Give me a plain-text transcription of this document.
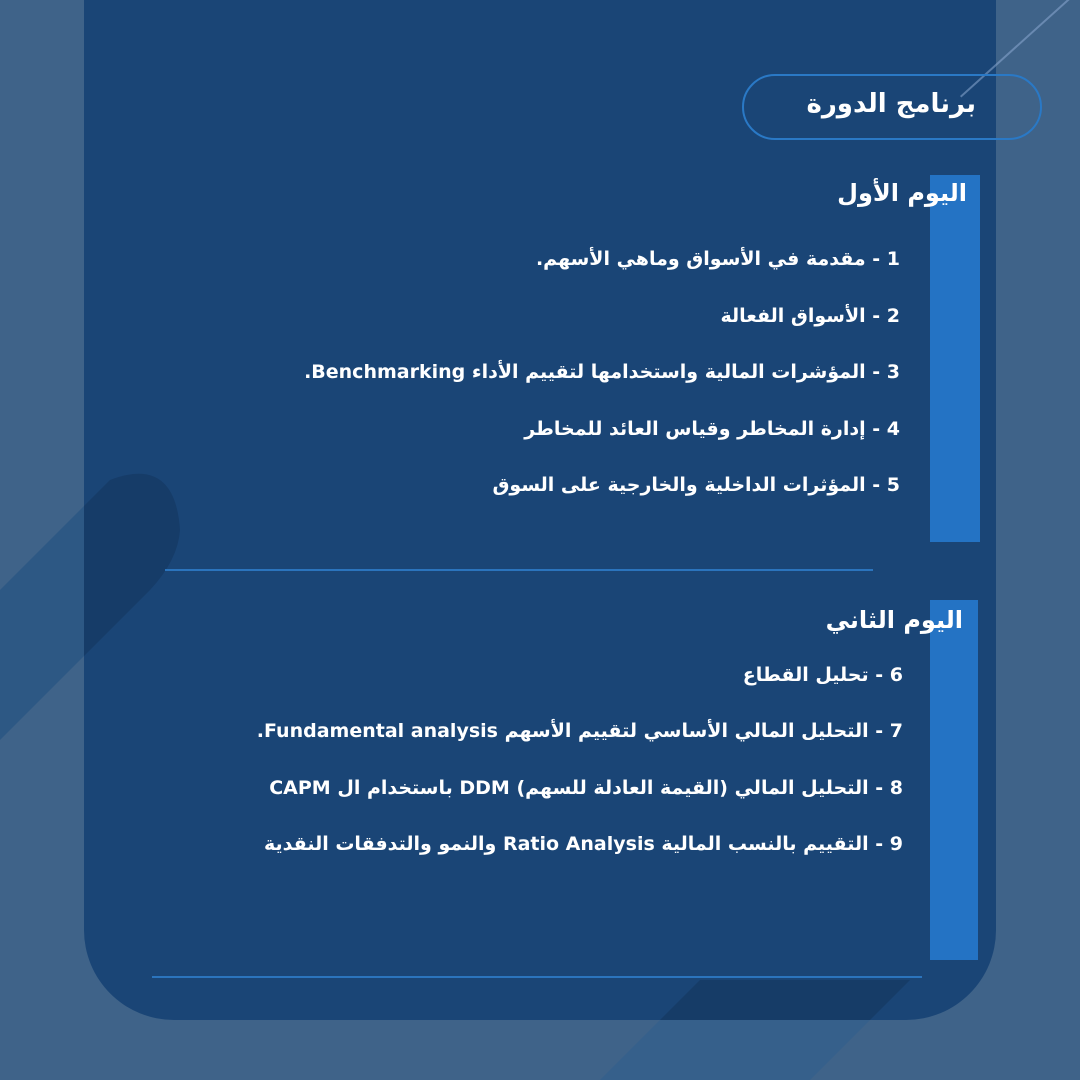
برنامج الدورة
اليوم الأول
1 - مقدمة في الأسواق وماهي الأسهم.
2 - الأسواق الفعالة
3 - المؤشرات المالية واستخدامها لتقييم الأداء Benchmarking.
4 - إدارة المخاطر وقياس العائد للمخاطر
5 - المؤثرات الداخلية والخارجية على السوق
اليوم الثاني
6 - تحليل القطاع
7 - التحليل المالي الأساسي لتقييم الأسهم Fundamental analysis.
8 - التحليل المالي (القيمة العادلة للسهم) DDM باستخدام ال CAPM
9 - التقييم بالنسب المالية Ratio Analysis والنمو والتدفقات النقدية
